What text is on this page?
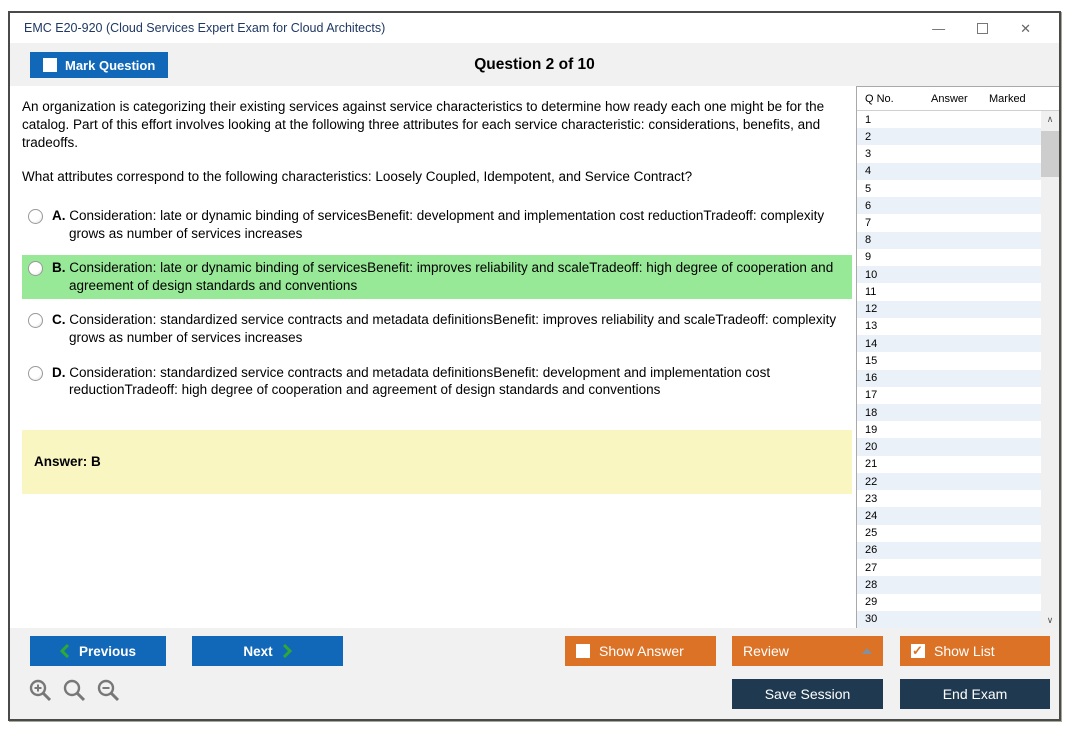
EMC E20-920 (Cloud Services Expert Exam for Cloud Architects)	—	✕
Mark Question	Question 2 of 10

An organization is categorizing their existing services against service characteristics to determine how ready each one might be for the catalog. Part of this effort involves looking at the following three attributes for each service characteristic: considerations, benefits, and tradeoffs.

What attributes correspond to the following characteristics: Loosely Coupled, Idempotent, and Service Contract?

A. Consideration: late or dynamic binding of servicesBenefit: development and implementation cost reductionTradeoff: complexity grows as number of services increases
B. Consideration: late or dynamic binding of servicesBenefit: improves reliability and scaleTradeoff: high degree of cooperation and agreement of design standards and conventions
C. Consideration: standardized service contracts and metadata definitionsBenefit: improves reliability and scaleTradeoff: complexity grows as number of services increases
D. Consideration: standardized service contracts and metadata definitionsBenefit: development and implementation cost reductionTradeoff: high degree of cooperation and agreement of design standards and conventions
Answer: B
Q No.	Answer	Marked
1
2
3
4
5
6
7
8
9
10
11
12
13
14
15
16
17
18
19
20
21
22
23
24
25
26
27
28
29
30
∧
∨
Previous	Next	Show Answer	Review ✓	Show List
Save Session	End Exam
